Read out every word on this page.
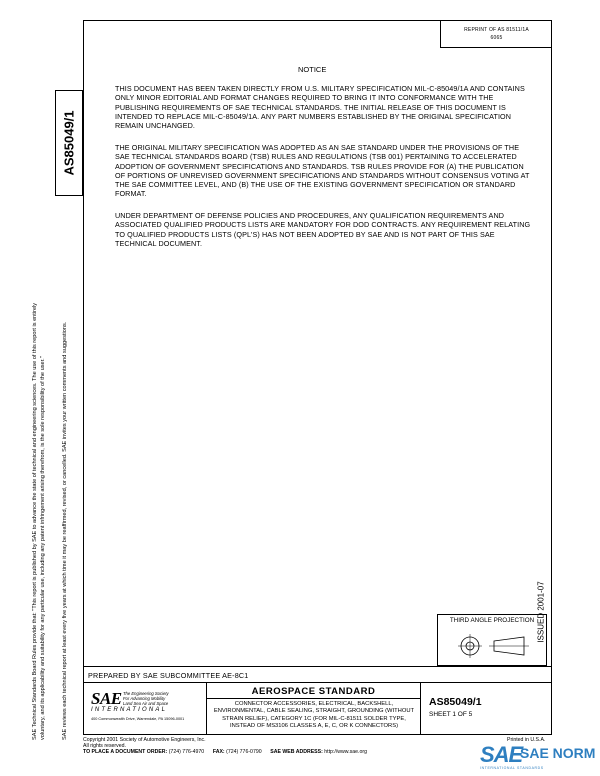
REPRINT OF AS 81511/1A
6065
AS85049/1
SAE Technical Standards Board Rules provide that: "This report is published by SAE to advance the state of technical and engineering sciences. The use of this report is entirely voluntary, and its applicability and suitability for any particular use, including any patent infringement arising therefrom, is the sole responsibility of the user."	SAE reviews each technical report at least every five years at which time it may be reaffirmed, revised, or cancelled. SAE invites your written comments and suggestions.
NOTICE
THIS DOCUMENT HAS BEEN TAKEN DIRECTLY FROM U.S. MILITARY SPECIFICATION MIL-C-85049/1A AND CONTAINS ONLY MINOR EDITORIAL AND FORMAT CHANGES REQUIRED TO BRING IT INTO CONFORMANCE WITH THE PUBLISHING REQUIREMENTS OF SAE TECHNICAL STANDARDS. THE INITIAL RELEASE OF THIS DOCUMENT IS INTENDED TO REPLACE MIL-C-85049/1A. ANY PART NUMBERS ESTABLISHED BY THE ORIGINAL SPECIFICATION REMAIN UNCHANGED.
THE ORIGINAL MILITARY SPECIFICATION WAS ADOPTED AS AN SAE STANDARD UNDER THE PROVISIONS OF THE SAE TECHNICAL STANDARDS BOARD (TSB) RULES AND REGULATIONS (TSB 001) PERTAINING TO ACCELERATED ADOPTION OF GOVERNMENT SPECIFICATIONS AND STANDARDS. TSB RULES PROVIDE FOR (A) THE PUBLICATION OF PORTIONS OF UNREVISED GOVERNMENT SPECIFICATIONS AND STANDARDS WITHOUT CONSENSUS VOTING AT THE SAE COMMITTEE LEVEL, AND (B) THE USE OF THE EXISTING GOVERNMENT SPECIFICATION OR STANDARD FORMAT.
UNDER DEPARTMENT OF DEFENSE POLICIES AND PROCEDURES, ANY QUALIFICATION REQUIREMENTS AND ASSOCIATED QUALIFIED PRODUCTS LISTS ARE MANDATORY FOR DOD CONTRACTS. ANY REQUIREMENT RELATING TO QUALIFIED PRODUCTS LISTS (QPL'S) HAS NOT BEEN ADOPTED BY SAE AND IS NOT PART OF THIS SAE TECHNICAL DOCUMENT.
ISSUED 2001-07
THIRD ANGLE PROJECTION
PREPARED BY SAE SUBCOMMITTEE AE-8C1
SAE The Engineering Society
For Advancing Mobility
Land Sea Air and Space
INTERNATIONAL
400 Commonwealth Drive, Warrendale, PA 15096-0001
AEROSPACE STANDARD
CONNECTOR ACCESSORIES, ELECTRICAL, BACKSHELL, ENVIRONMENTAL, CABLE SEALING, STRAIGHT, GROUNDING (WITHOUT STRAIN RELIEF), CATEGORY 1C (FOR MIL-C-81511 SOLDER TYPE, INSTEAD OF MS3106 CLASSES A, E, C, OR K CONNECTORS)
AS85049/1
SHEET 1 OF 5
Copyright 2001 Society of Automotive Engineers, Inc.
All rights reserved.
TO PLACE A DOCUMENT ORDER: (724) 776-4970 FAX: (724) 776-0790 SAE WEB ADDRESS: http://www.sae.org
Printed in U.S.A.
SAE
SAE NORM
INTERNATIONAL STANDARDS
